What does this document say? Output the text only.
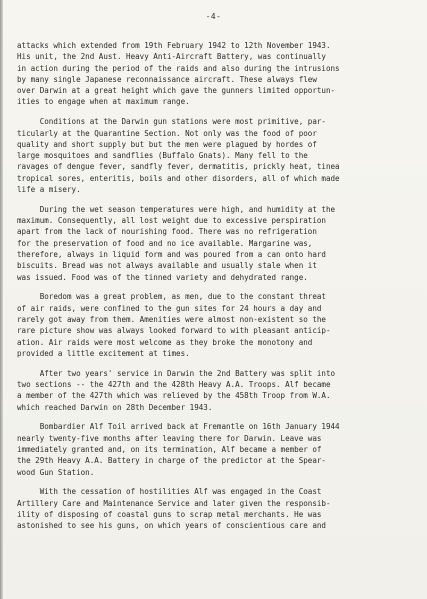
-4-

attacks which extended from 19th February 1942 to 12th November 1943.
His unit, the 2nd Aust. Heavy Anti-Aircraft Battery, was continually
in action during the period of the raids and also during the intrusions
by many single Japanese reconnaissance aircraft. These always flew
over Darwin at a great height which gave the gunners limited opportun-
ities to engage when at maximum range.

Conditions at the Darwin gun stations were most primitive, par-
ticularly at the Quarantine Section. Not only was the food of poor
quality and short supply but but the men were plagued by hordes of
large mosquitoes and sandflies (Buffalo Gnats). Many fell to the
ravages of dengue fever, sandfly fever, dermatitis, prickly heat, tinea
tropical sores, enteritis, boils and other disorders, all of which made
life a misery.

During the wet season temperatures were high, and humidity at the
maximum. Consequently, all lost weight due to excessive perspiration
apart from the lack of nourishing food. There was no refrigeration
for the preservation of food and no ice available. Margarine was,
therefore, always in liquid form and was poured from a can onto hard
biscuits. Bread was not always available and usually stale when it
was issued. Food was of the tinned variety and dehydrated range.

Boredom was a great problem, as men, due to the constant threat
of air raids, were confined to the gun sites for 24 hours a day and
rarely got away from them. Amenities were almost non-existent so the
rare picture show was always looked forward to with pleasant anticip-
ation. Air raids were most welcome as they broke the monotony and
provided a little excitement at times.

After two years' service in Darwin the 2nd Battery was split into
two sections -- the 427th and the 428th Heavy A.A. Troops. Alf became
a member of the 427th which was relieved by the 458th Troop from W.A.
which reached Darwin on 28th December 1943.

Bombardier Alf Toil arrived back at Fremantle on 16th January 1944
nearly twenty-five months after leaving there for Darwin. Leave was
immediately granted and, on its termination, Alf became a member of
the 29th Heavy A.A. Battery in charge of the predictor at the Spear-
wood Gun Station.

With the cessation of hostilities Alf was engaged in the Coast
Artillery Care and Maintenance Service and later given the responsib-
ility of disposing of coastal guns to scrap metal merchants. He was
astonished to see his guns, on which years of conscientious care and
